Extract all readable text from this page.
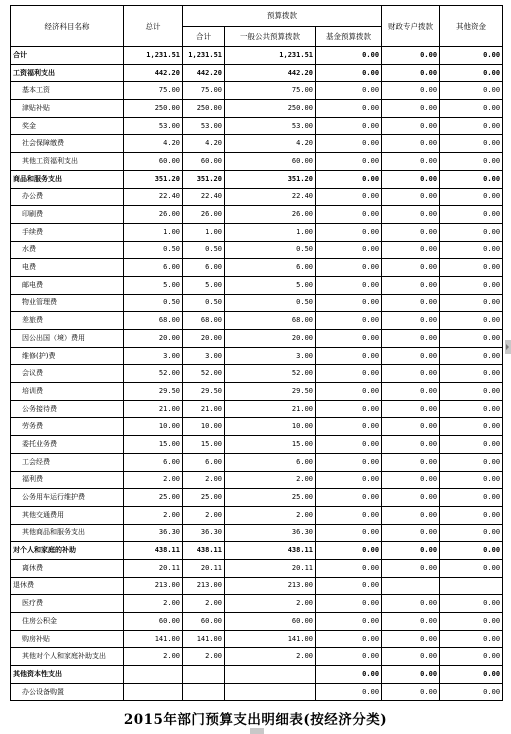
经济科目名称	总计	预算拨款			财政专户拨款	其他资金
		合计	一般公共预算拨款	基金预算拨款		
合计	1,231.51	1,231.51	1,231.51	0.00	0.00	0.00
工资福利支出	442.20	442.20	442.20	0.00	0.00	0.00
基本工资	75.00	75.00	75.00	0.00	0.00	0.00
津贴补贴	250.00	250.00	250.00	0.00	0.00	0.00
奖金	53.00	53.00	53.00	0.00	0.00	0.00
社会保障缴费	4.20	4.20	4.20	0.00	0.00	0.00
其他工资福利支出	60.00	60.00	60.00	0.00	0.00	0.00
商品和服务支出	351.20	351.20	351.20	0.00	0.00	0.00
办公费	22.40	22.40	22.40	0.00	0.00	0.00
印刷费	26.00	26.00	26.00	0.00	0.00	0.00
手续费	1.00	1.00	1.00	0.00	0.00	0.00
水费	0.50	0.50	0.50	0.00	0.00	0.00
电费	6.00	6.00	6.00	0.00	0.00	0.00
邮电费	5.00	5.00	5.00	0.00	0.00	0.00
物业管理费	0.50	0.50	0.50	0.00	0.00	0.00
差旅费	68.00	68.00	68.00	0.00	0.00	0.00
因公出国（境）费用	20.00	20.00	20.00	0.00	0.00	0.00
维修(护)费	3.00	3.00	3.00	0.00	0.00	0.00
会议费	52.00	52.00	52.00	0.00	0.00	0.00
培训费	29.50	29.50	29.50	0.00	0.00	0.00
公务接待费	21.00	21.00	21.00	0.00	0.00	0.00
劳务费	10.00	10.00	10.00	0.00	0.00	0.00
委托业务费	15.00	15.00	15.00	0.00	0.00	0.00
工会经费	6.00	6.00	6.00	0.00	0.00	0.00
福利费	2.00	2.00	2.00	0.00	0.00	0.00
公务用车运行维护费	25.00	25.00	25.00	0.00	0.00	0.00
其他交通费用	2.00	2.00	2.00	0.00	0.00	0.00
其他商品和服务支出	36.30	36.30	36.30	0.00	0.00	0.00
对个人和家庭的补助	438.11	438.11	438.11	0.00	0.00	0.00
离休费	20.11	20.11	20.11	0.00	0.00	0.00
退休费	213.00	213.00	213.00	0.00		
医疗费	2.00	2.00	2.00	0.00	0.00	0.00
住房公积金	60.00	60.00	60.00	0.00	0.00	0.00
购房补贴	141.00	141.00	141.00	0.00	0.00	0.00
其他对个人和家庭补助支出	2.00	2.00	2.00	0.00	0.00	0.00
其他资本性支出				0.00	0.00	0.00
办公设备购置				0.00	0.00	0.00
2015年部门预算支出明细表(按经济分类)
